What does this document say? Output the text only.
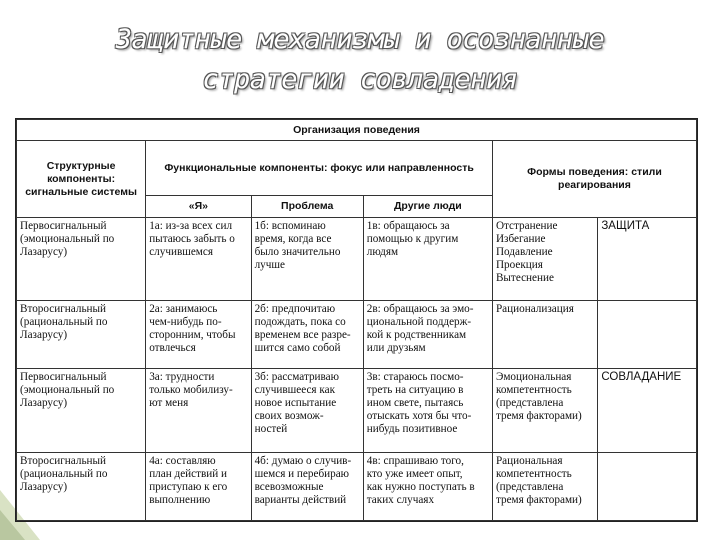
Защитные механизмы и осознанные
стратегии совладения
Организация поведения					
Структурные компоненты: сигнальные системы	Функциональные компоненты: фокус или направленность			Формы поведения: стили реагирования	
	«Я»	Проблема	Другие люди		

Первосигнальный
(эмоциональный по
Лазарусу)	1а: из-за всех сил
пытаюсь забыть о
случившемся	1б: вспоминаю
время, когда все
было значительно
лучше	1в: обращаюсь за
помощью к другим
людям	Отстранение
Избегание
Подавление
Проекция
Вытеснение	ЗАЩИТА

Второсигнальный
(рациональный по
Лазарусу)	2а: занимаюсь
чем-нибудь по-
сторонним, чтобы
отвлечься	2б: предпочитаю
подождать, пока со
временем все разре-
шится само собой	2в: обращаюсь за эмо-
циональной поддерж-
кой к родственникам
или друзьям	Рационализация	

Первосигнальный
(эмоциональный по
Лазарусу)	3а: трудности
только мобилизу-
ют меня	3б: рассматриваю
случившееся как
новое испытание
своих возмож-
ностей	3в: стараюсь посмо-
треть на ситуацию в
ином свете, пытаясь
отыскать хотя бы что-
нибудь позитивное	Эмоциональная
компетентность
(представлена
тремя факторами)	СОВЛАДАНИЕ

Второсигнальный
(рациональный по
Лазарусу)	4а: составляю
план действий и
приступаю к его
выполнению	4б: думаю о случив-
шемся и перебираю
всевозможные
варианты действий	4в: спрашиваю того,
кто уже имеет опыт,
как нужно поступать в
таких случаях	Рациональная
компетентность
(представлена
тремя факторами)	
